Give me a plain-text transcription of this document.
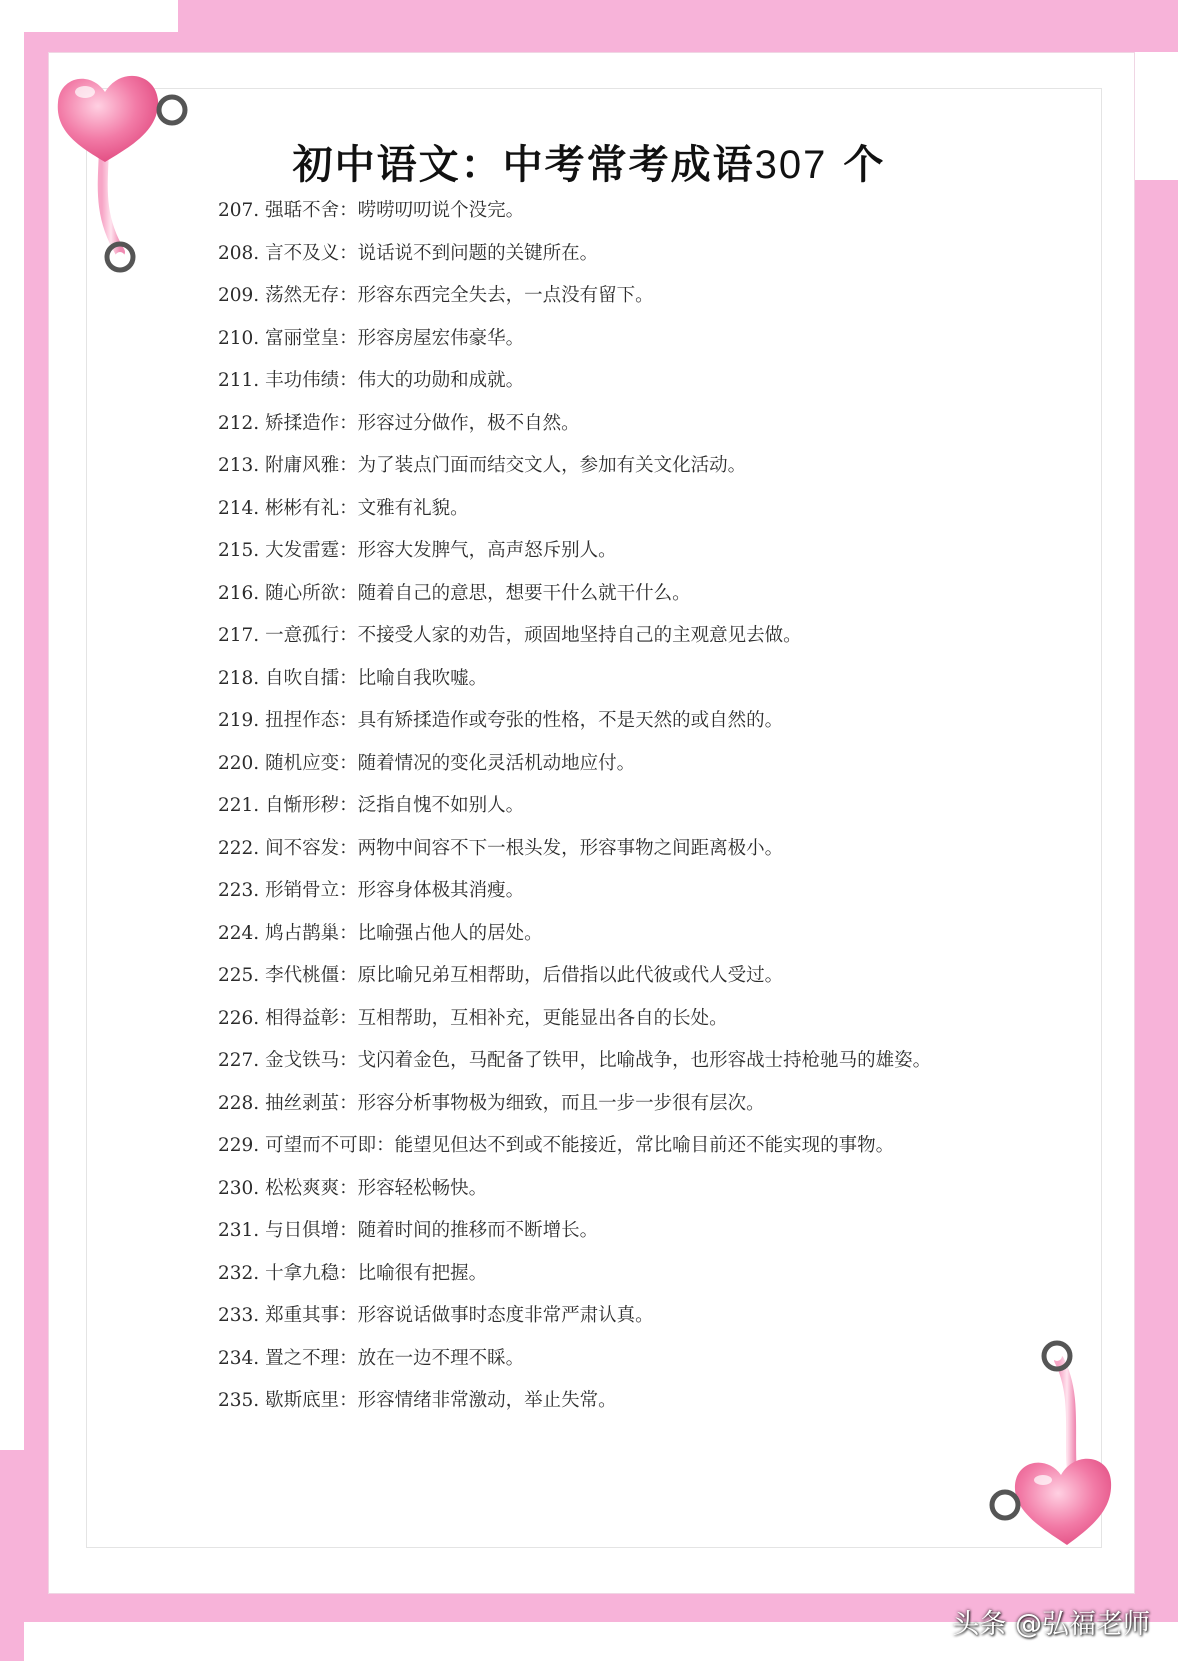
初中语文：中考常考成语307 个
207. 强聒不舍：唠唠叨叨说个没完。
208. 言不及义：说话说不到问题的关键所在。
209. 荡然无存：形容东西完全失去，一点没有留下。
210. 富丽堂皇：形容房屋宏伟豪华。
211. 丰功伟绩：伟大的功勋和成就。
212. 矫揉造作：形容过分做作，极不自然。
213. 附庸风雅：为了装点门面而结交文人，参加有关文化活动。
214. 彬彬有礼：文雅有礼貌。
215. 大发雷霆：形容大发脾气，高声怒斥别人。
216. 随心所欲：随着自己的意思，想要干什么就干什么。
217. 一意孤行：不接受人家的劝告，顽固地坚持自己的主观意见去做。
218. 自吹自擂：比喻自我吹嘘。
219. 扭捏作态：具有矫揉造作或夸张的性格，不是天然的或自然的。
220. 随机应变：随着情况的变化灵活机动地应付。
221. 自惭形秽：泛指自愧不如别人。
222. 间不容发：两物中间容不下一根头发，形容事物之间距离极小。
223. 形销骨立：形容身体极其消瘦。
224. 鸠占鹊巢：比喻强占他人的居处。
225. 李代桃僵：原比喻兄弟互相帮助，后借指以此代彼或代人受过。
226. 相得益彰：互相帮助，互相补充，更能显出各自的长处。
227. 金戈铁马：戈闪着金色，马配备了铁甲，比喻战争，也形容战士持枪驰马的雄姿。
228. 抽丝剥茧：形容分析事物极为细致，而且一步一步很有层次。
229. 可望而不可即：能望见但达不到或不能接近，常比喻目前还不能实现的事物。
230. 松松爽爽：形容轻松畅快。
231. 与日俱增：随着时间的推移而不断增长。
232. 十拿九稳：比喻很有把握。
233. 郑重其事：形容说话做事时态度非常严肃认真。
234. 置之不理：放在一边不理不睬。
235. 歇斯底里：形容情绪非常激动，举止失常。
头条 @弘福老师
